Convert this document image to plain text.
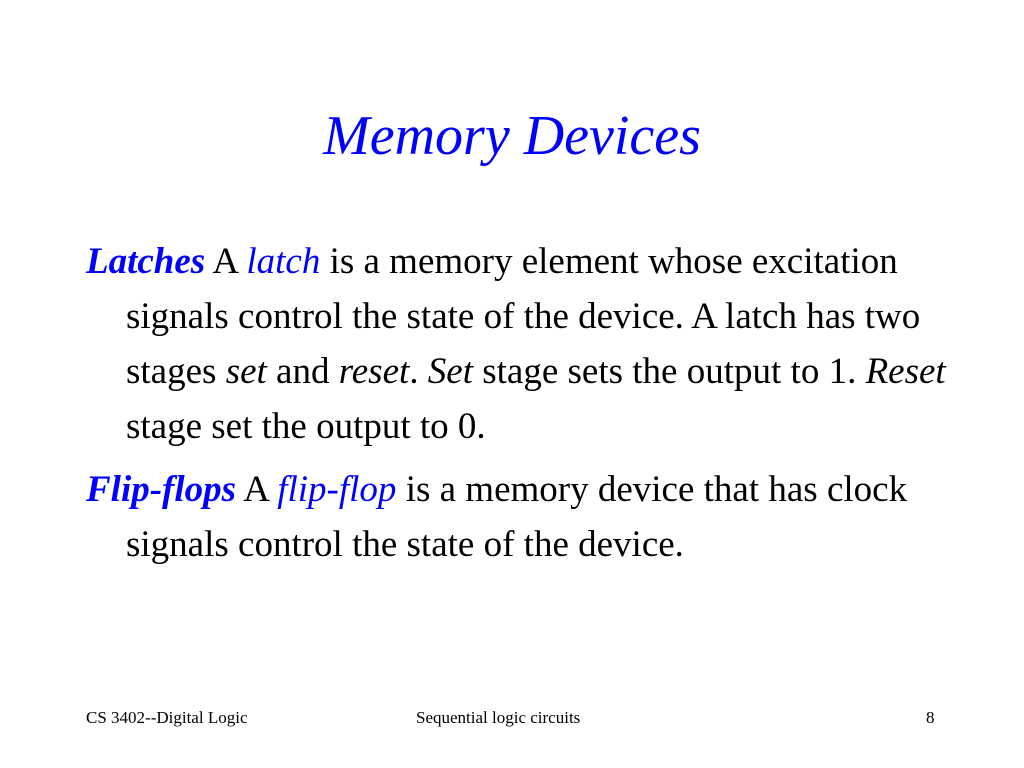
Memory Devices

Latches A latch is a memory element whose excitation signals control the state of the device. A latch has two stages set and reset. Set stage sets the output to 1. Reset stage set the output to 0.

Flip-flops A flip-flop is a memory device that has clock signals control the state of the device.

CS 3402--Digital Logic	Sequential logic circuits	8
